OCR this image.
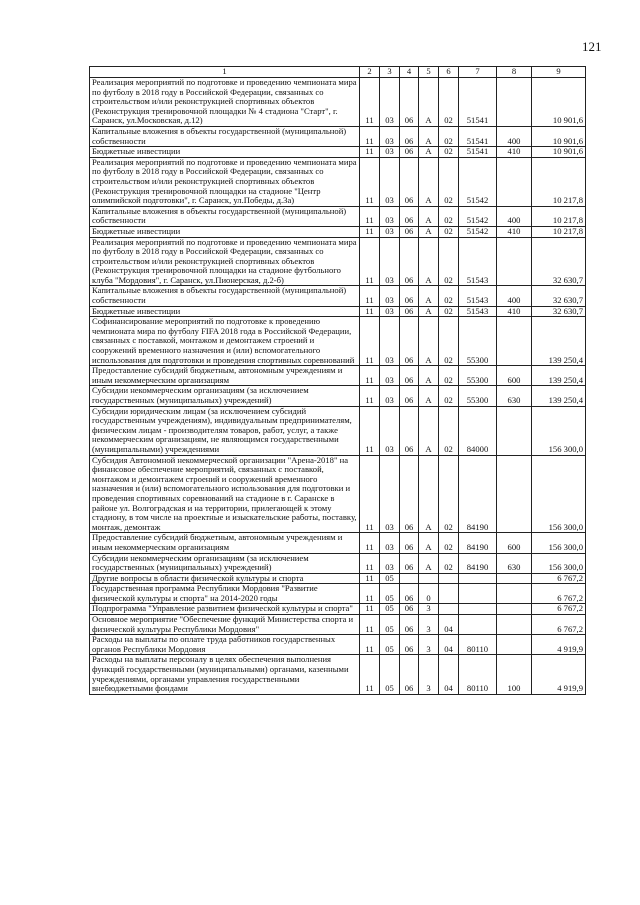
121
1	2	3	4	5	6	7	8	9
Реализация мероприятий по подготовке и проведению чемпионата мира по футболу в 2018 году в Российской Федерации, связанных со строительством и/или реконструкцией спортивных объектов (Реконструкция тренировочной площадки № 4 стадиона "Старт", г. Саранск, ул.Московская, д.12)	11	03	06	А	02	51541		10 901,6
Капитальные вложения в объекты государственной (муниципальной) собственности	11	03	06	А	02	51541	400	10 901,6
Бюджетные инвестиции	11	03	06	А	02	51541	410	10 901,6
Реализация мероприятий по подготовке и проведению чемпионата мира по футболу в 2018 году в Российской Федерации, связанных со строительством и/или реконструкцией спортивных объектов (Реконструкция тренировочной площадки на стадионе "Центр олимпийской подготовки", г. Саранск, ул.Победы, д.3а)	11	03	06	А	02	51542		10 217,8
Капитальные вложения в объекты государственной (муниципальной) собственности	11	03	06	А	02	51542	400	10 217,8
Бюджетные инвестиции	11	03	06	А	02	51542	410	10 217,8
Реализация мероприятий по подготовке и проведению чемпионата мира по футболу в 2018 году в Российской Федерации, связанных со строительством и/или реконструкцией спортивных объектов (Реконструкция тренировочной площадки на стадионе футбольного клуба "Мордовия", г. Саранск, ул.Пионерская, д.2-б)	11	03	06	А	02	51543		32 630,7
Капитальные вложения в объекты государственной (муниципальной) собственности	11	03	06	А	02	51543	400	32 630,7
Бюджетные инвестиции	11	03	06	А	02	51543	410	32 630,7
Софинансирование мероприятий по подготовке к проведению чемпионата мира по футболу FIFA 2018 года в Российской Федерации, связанных с поставкой, монтажом и демонтажем строений и сооружений временного назначения и (или) вспомогательного использования для подготовки и проведения спортивных соревнований	11	03	06	А	02	55300		139 250,4
Предоставление субсидий бюджетным, автономным учреждениям и иным некоммерческим организациям	11	03	06	А	02	55300	600	139 250,4
Субсидии некоммерческим организациям (за исключением государственных (муниципальных) учреждений)	11	03	06	А	02	55300	630	139 250,4
Субсидии юридическим лицам (за исключением субсидий государственным учреждениям), индивидуальным предпринимателям, физическим лицам - производителям товаров, работ, услуг, а также некоммерческим организациям, не являющимся государственными (муниципальными) учреждениями	11	03	06	А	02	84000		156 300,0
Субсидия Автономной некоммерческой организации "Арена-2018" на финансовое обеспечение мероприятий, связанных с поставкой, монтажом и демонтажем строений и сооружений временного назначения и (или) вспомогательного использования для подготовки и проведения спортивных соревнований на стадионе в г. Саранске в районе ул. Волгоградская и на территории, прилегающей к этому стадиону, в том числе на проектные и изыскательские работы, поставку, монтаж, демонтаж	11	03	06	А	02	84190		156 300,0
Предоставление субсидий бюджетным, автономным учреждениям и иным некоммерческим организациям	11	03	06	А	02	84190	600	156 300,0
Субсидии некоммерческим организациям (за исключением государственных (муниципальных) учреждений)	11	03	06	А	02	84190	630	156 300,0
Другие вопросы в области физической культуры и спорта	11	05						6 767,2
Государственная программа Республики Мордовия "Развитие физической культуры и спорта" на 2014-2020 годы	11	05	06	0				6 767,2
Подпрограмма "Управление развитием физической культуры и спорта"	11	05	06	3				6 767,2
Основное мероприятие "Обеспечение функций Министерства спорта и физической культуры Республики Мордовия"	11	05	06	3	04			6 767,2
Расходы на выплаты по оплате труда работников государственных органов Республики Мордовия	11	05	06	3	04	80110		4 919,9
Расходы на выплаты персоналу в целях обеспечения выполнения функций государственными (муниципальными) органами, казенными учреждениями, органами управления государственными внебюджетными фондами	11	05	06	3	04	80110	100	4 919,9
